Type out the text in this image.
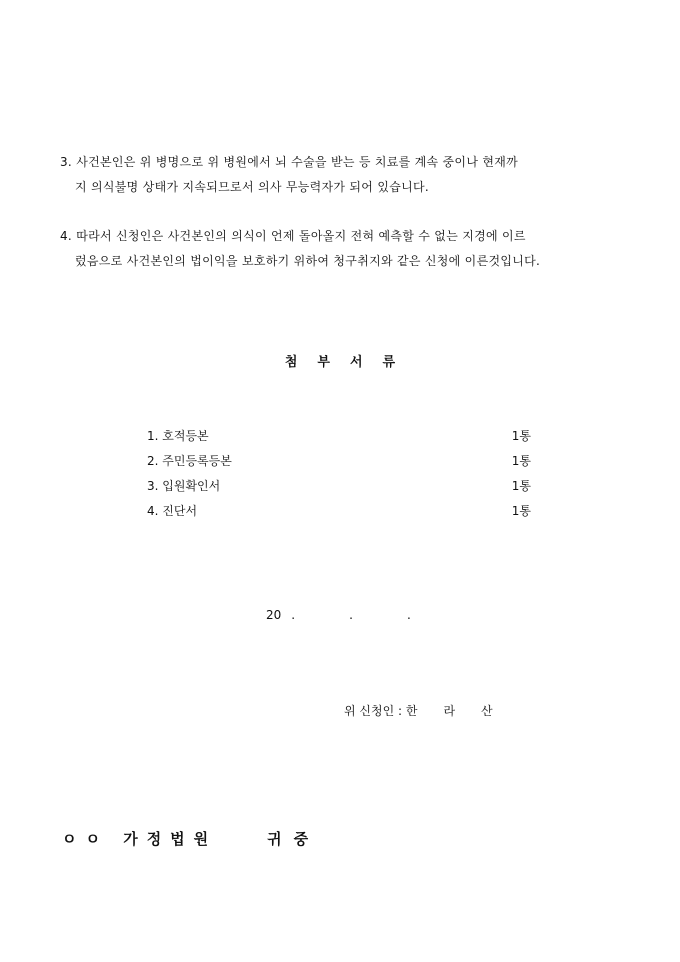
3. 사건본인은 위 병명으로 위 병원에서 뇌 수술을 받는 등 치료를 계속 중이나 현재까
지 의식불명 상태가 지속되므로서 의사 무능력자가 되어 있습니다.
4. 따라서 신청인은 사건본인의 의식이 언제 돌아올지 전혀 예측할 수 없는 지경에 이르
렀음으로 사건본인의 법이익을 보호하기 위하여 청구취지와 같은 신청에 이른것입니다.
첨부서류
1. 호적등본	1통
2. 주민등록등본	1통
3. 입원확인서	1통
4. 진단서	1통
20 .	.	.
위 신청인 : 한라산
ㅇㅇ 가정법원	귀중
